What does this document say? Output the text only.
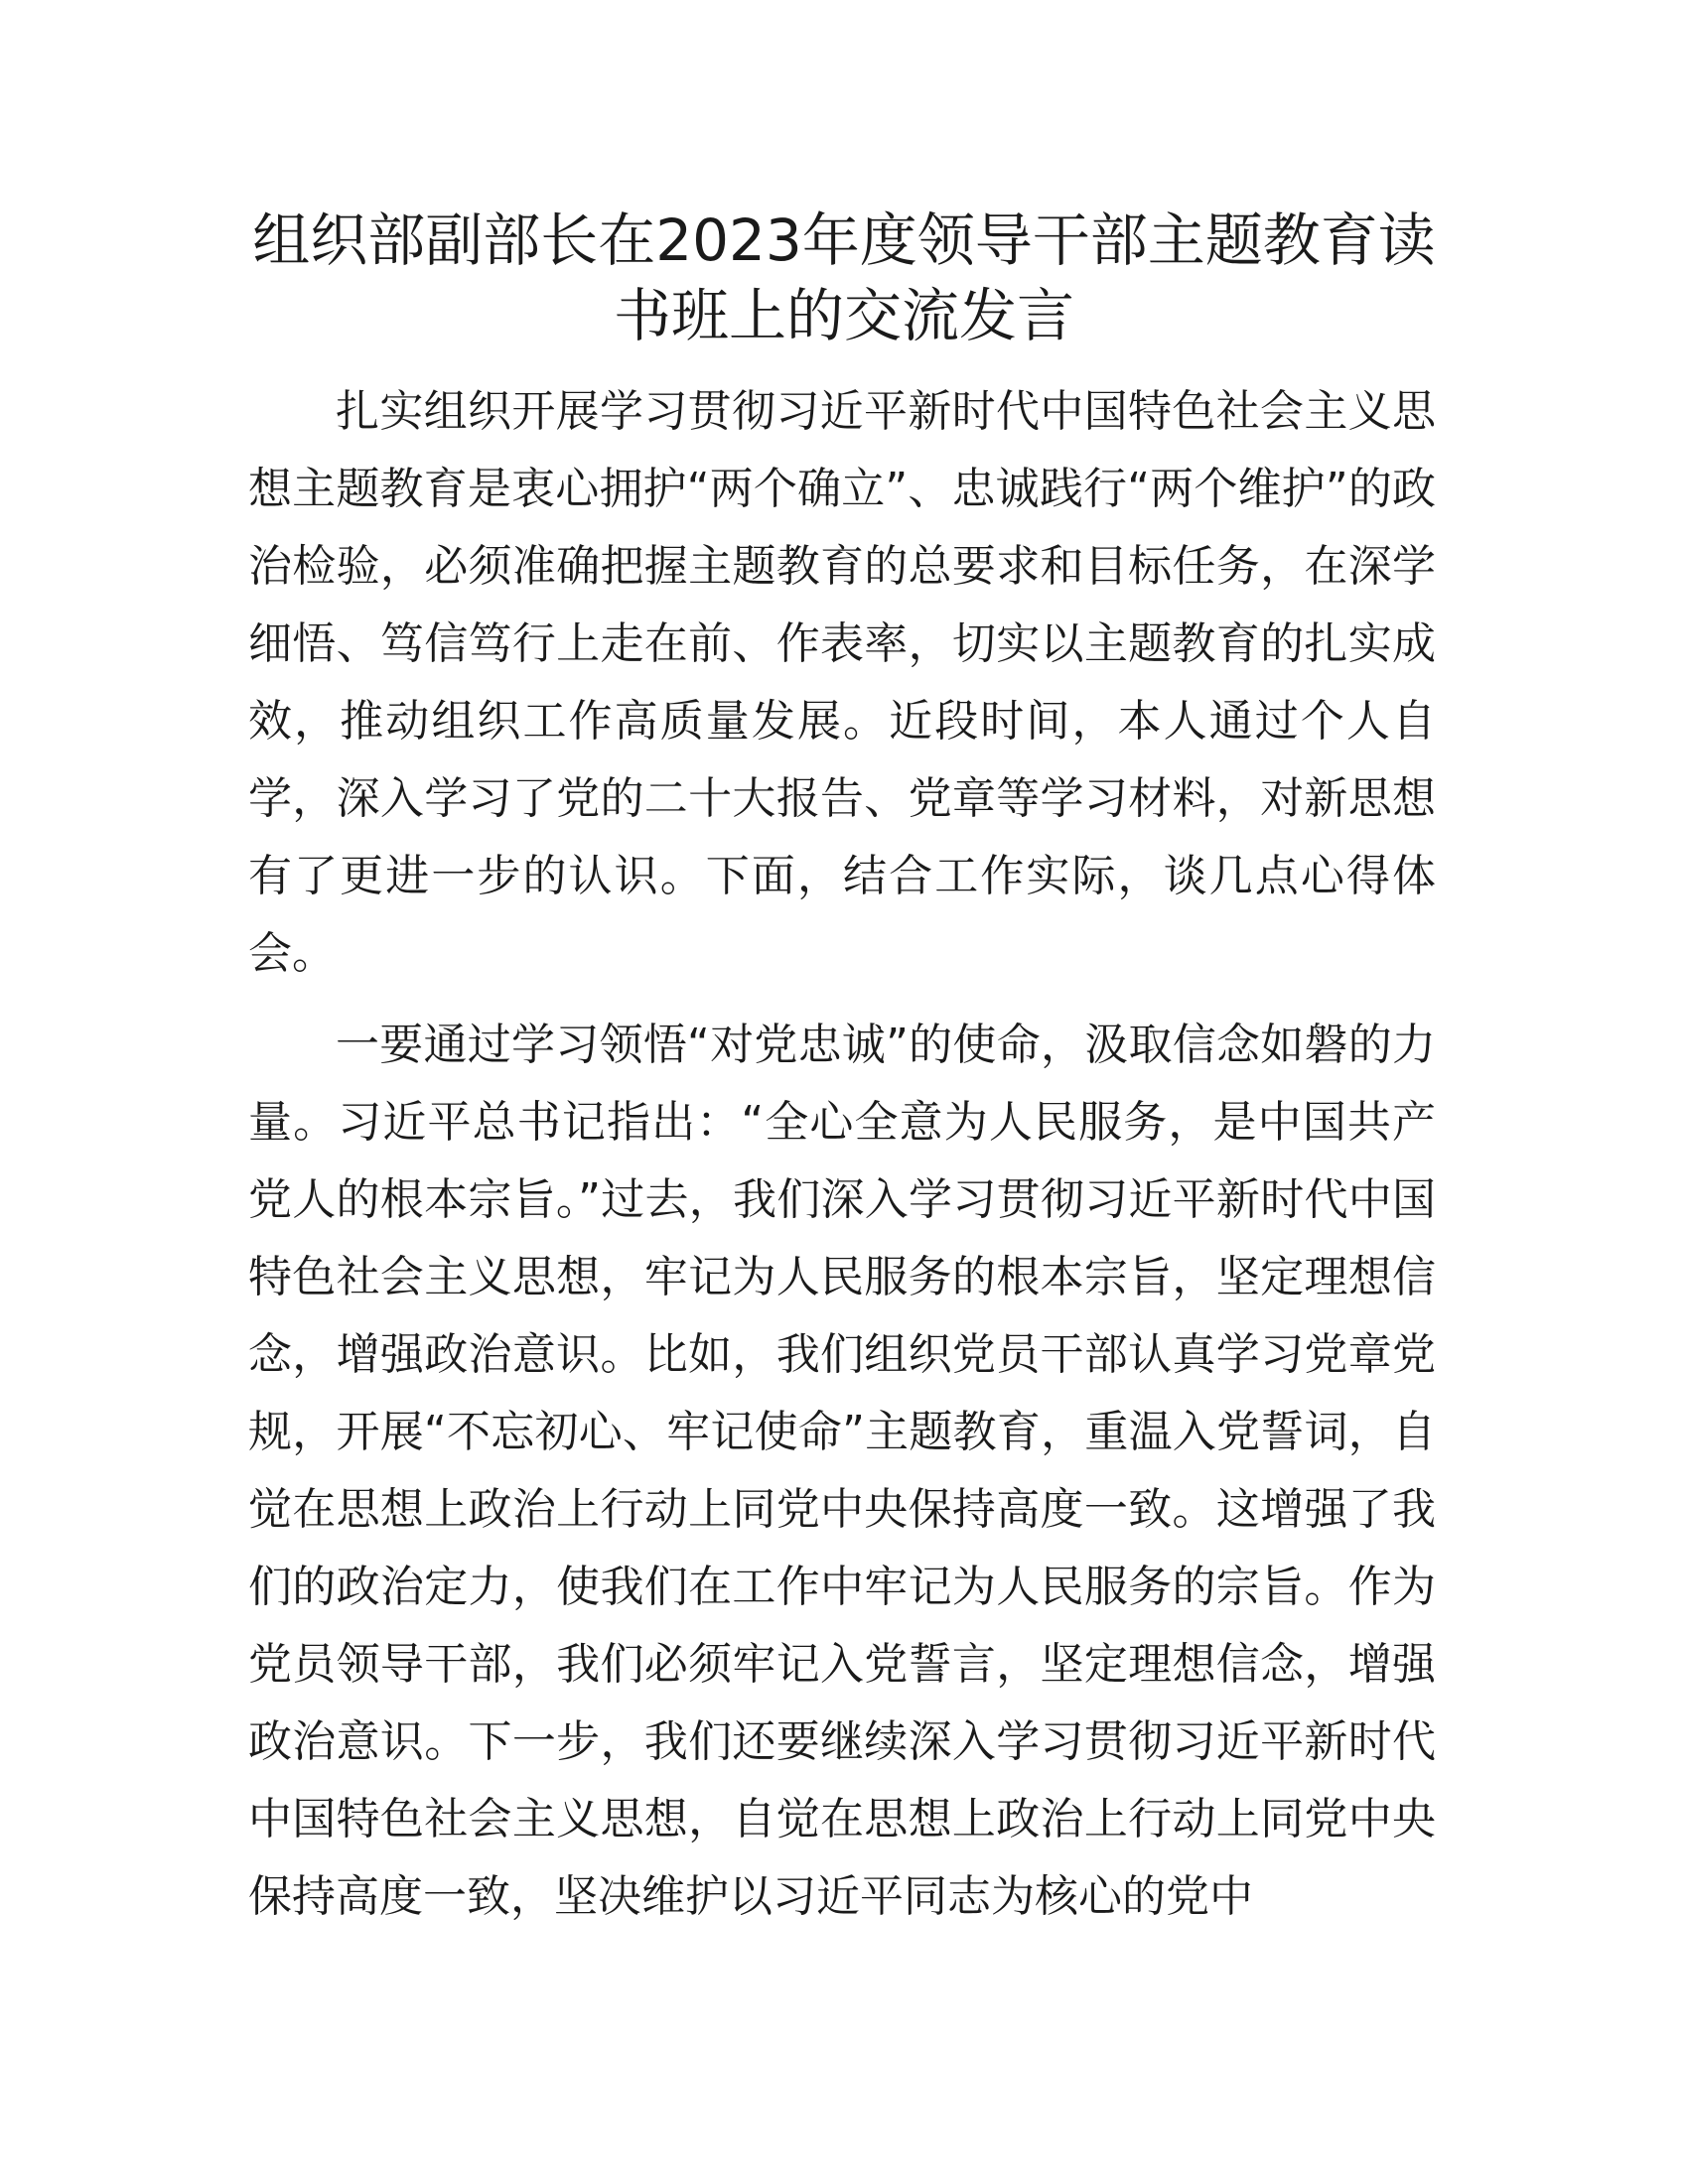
组织部副部长在2023年度领导干部主题教育读书班上的交流发言

扎实组织开展学习贯彻习近平新时代中国特色社会主义思想主题教育是衷心拥护“两个确立”、忠诚践行“两个维护”的政治检验，必须准确把握主题教育的总要求和目标任务，在深学细悟、笃信笃行上走在前、作表率，切实以主题教育的扎实成效，推动组织工作高质量发展。近段时间，本人通过个人自学，深入学习了党的二十大报告、党章等学习材料，对新思想有了更进一步的认识。下面，结合工作实际，谈几点心得体会。

一要通过学习领悟“对党忠诚”的使命，汲取信念如磐的力量。习近平总书记指出：“全心全意为人民服务，是中国共产党人的根本宗旨。”过去，我们深入学习贯彻习近平新时代中国特色社会主义思想，牢记为人民服务的根本宗旨，坚定理想信念，增强政治意识。比如，我们组织党员干部认真学习党章党规，开展“不忘初心、牢记使命”主题教育，重温入党誓词，自觉在思想上政治上行动上同党中央保持高度一致。这增强了我们的政治定力，使我们在工作中牢记为人民服务的宗旨。作为党员领导干部，我们必须牢记入党誓言，坚定理想信念，增强政治意识。下一步，我们还要继续深入学习贯彻习近平新时代中国特色社会主义思想，自觉在思想上政治上行动上同党中央保持高度一致，坚决维护以习近平同志为核心的党中
